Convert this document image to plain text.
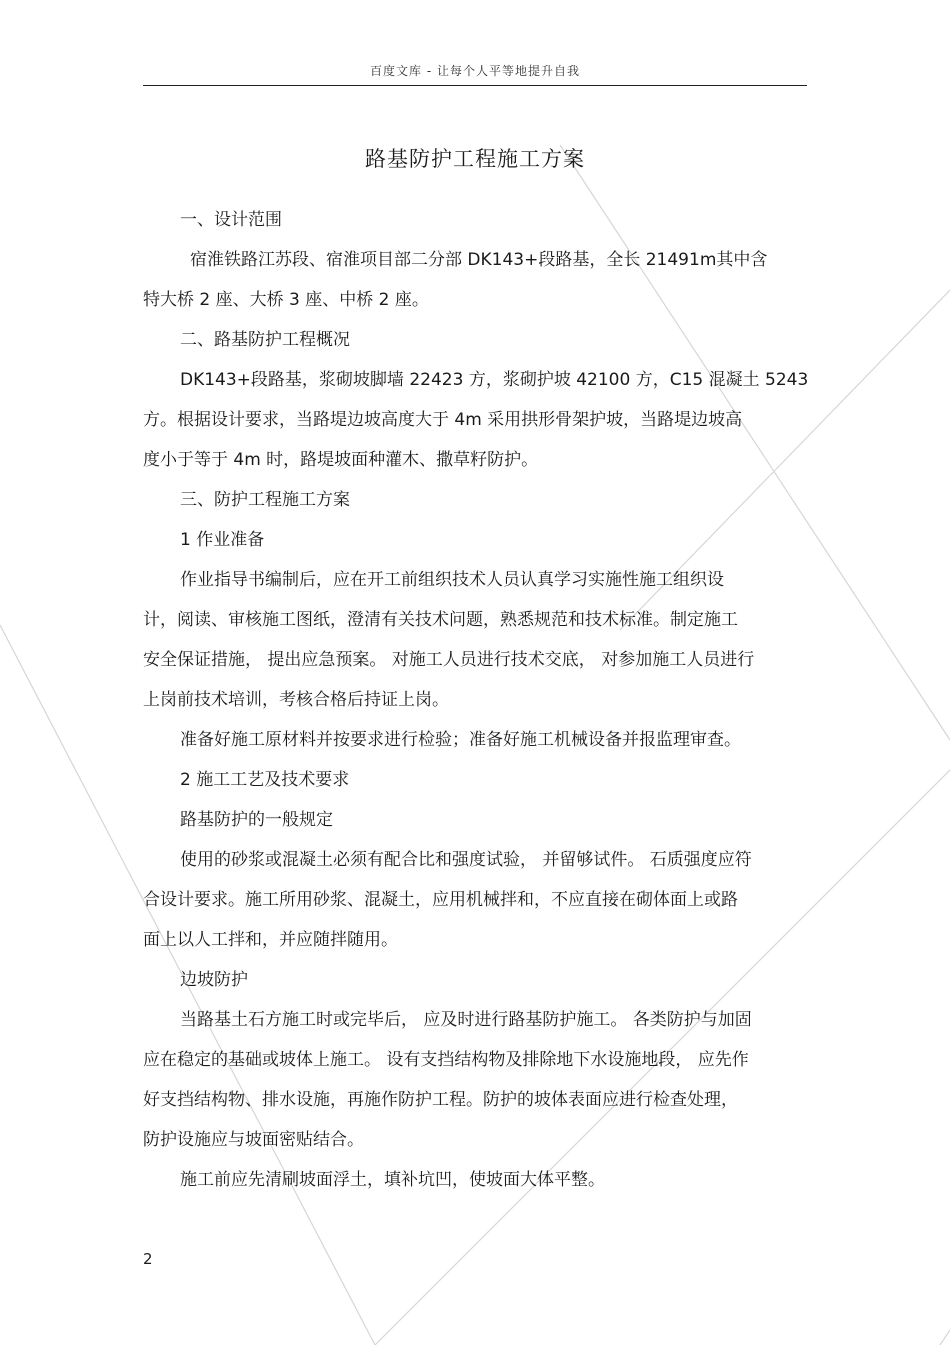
百度文库 - 让每个人平等地提升自我
路基防护工程施工方案
一、设计范围
宿淮铁路江苏段、宿淮项目部二分部 DK143+段路基，全长 21491m其中含
特大桥 2 座、大桥 3 座、中桥 2 座。
二、路基防护工程概况
DK143+段路基，浆砌坡脚墙 22423 方，浆砌护坡 42100 方，C15 混凝土 5243
方。根据设计要求，当路堤边坡高度大于 4m 采用拱形骨架护坡，当路堤边坡高
度小于等于 4m 时，路堤坡面种灌木、撒草籽防护。
三、防护工程施工方案
1 作业准备
作业指导书编制后，应在开工前组织技术人员认真学习实施性施工组织设
计，阅读、审核施工图纸，澄清有关技术问题，熟悉规范和技术标准。制定施工
安全保证措施， 提出应急预案。 对施工人员进行技术交底， 对参加施工人员进行
上岗前技术培训，考核合格后持证上岗。
准备好施工原材料并按要求进行检验；准备好施工机械设备并报监理审查。
2 施工工艺及技术要求
路基防护的一般规定
使用的砂浆或混凝土必须有配合比和强度试验， 并留够试件。 石质强度应符
合设计要求。施工所用砂浆、混凝土，应用机械拌和，不应直接在砌体面上或路
面上以人工拌和，并应随拌随用。
边坡防护
当路基土石方施工时或完毕后， 应及时进行路基防护施工。 各类防护与加固
应在稳定的基础或坡体上施工。 设有支挡结构物及排除地下水设施地段， 应先作
好支挡结构物、排水设施，再施作防护工程。防护的坡体表面应进行检查处理，
防护设施应与坡面密贴结合。
施工前应先清刷坡面浮土，填补坑凹，使坡面大体平整。
2
